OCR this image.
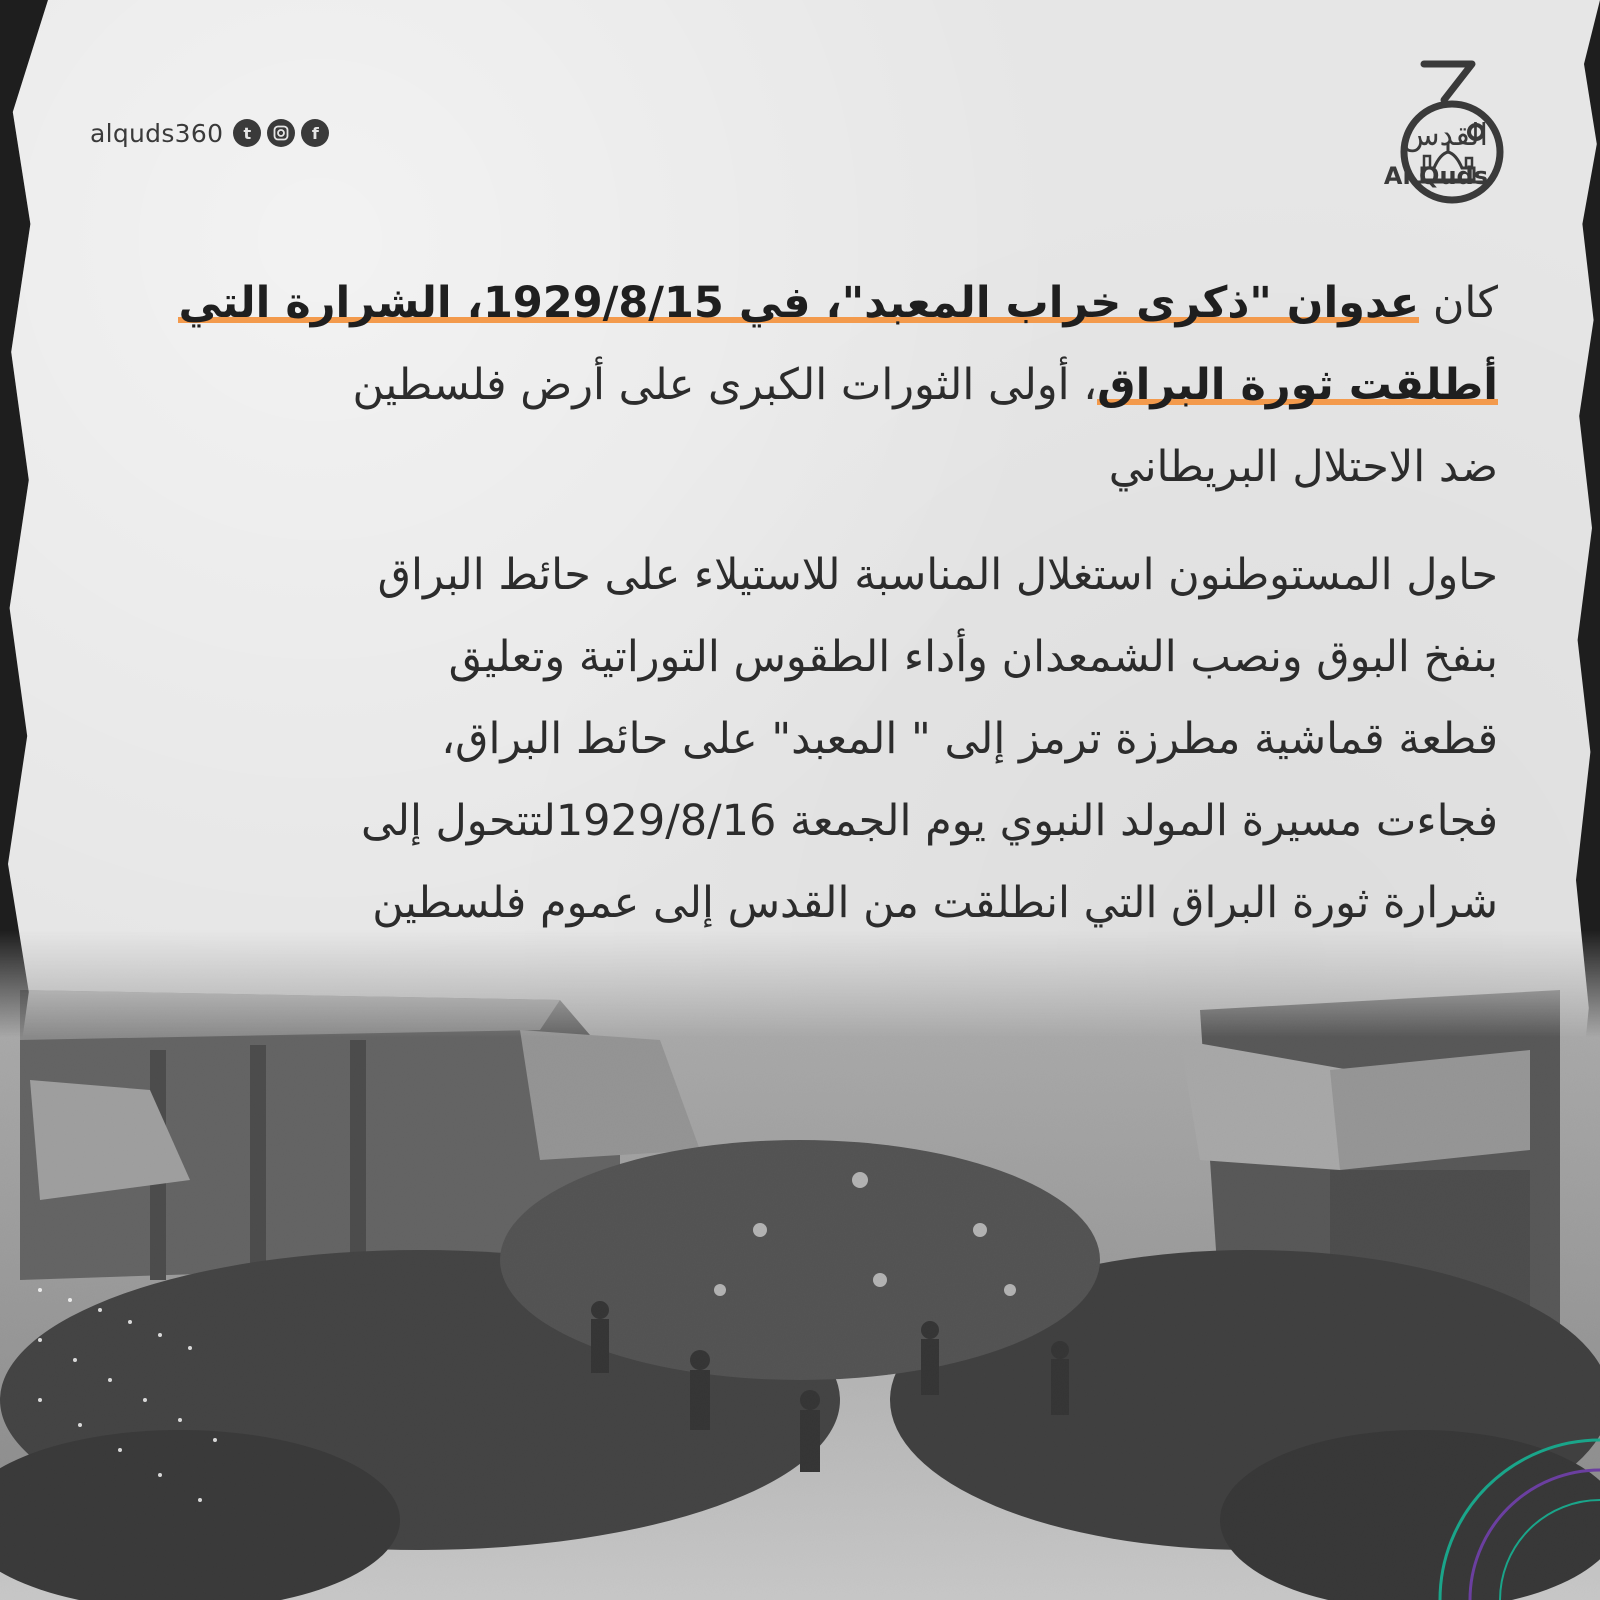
alquds360	t	f	القدس
Al Quds
كان عدوان "ذكرى خراب المعبد"، في 1929/8/15، الشرارة التي
أطلقت ثورة البراق، أولى الثورات الكبرى على أرض فلسطين
ضد الاحتلال البريطاني
حاول المستوطنون استغلال المناسبة للاستيلاء على حائط البراق
بنفخ البوق ونصب الشمعدان وأداء الطقوس التوراتية وتعليق
قطعة قماشية مطرزة ترمز إلى " المعبد" على حائط البراق،
فجاءت مسيرة المولد النبوي يوم الجمعة 1929/8/16لتتحول إلى
شرارة ثورة البراق التي انطلقت من القدس إلى عموم فلسطين
